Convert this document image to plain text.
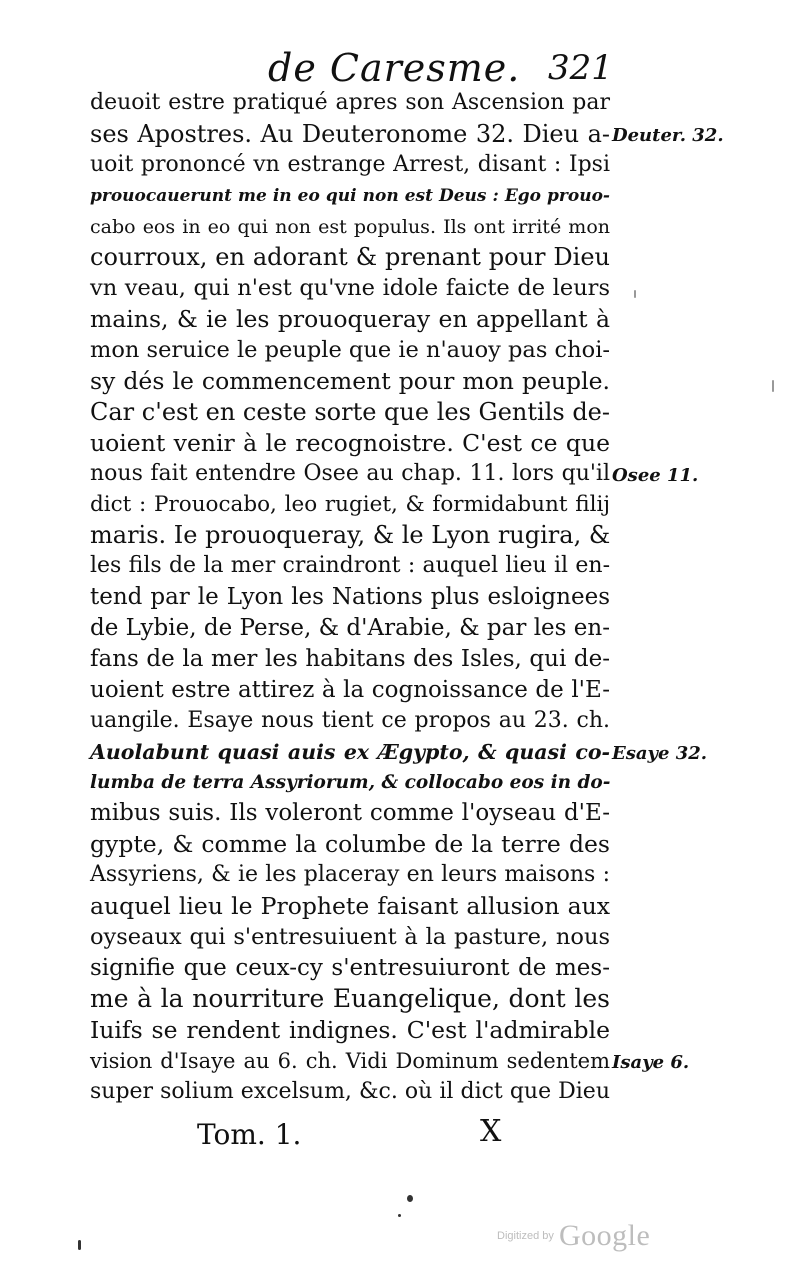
de Caresme. 321
deuoit estre pratiqué apres son Ascension par
ses Apostres. Au Deuteronome 32. Dieu a-
uoit prononcé vn estrange Arrest, disant : Ipsi
prouocauerunt me in eo qui non est Deus : Ego prouo-
cabo eos in eo qui non est populus. Ils ont irrité mon
courroux, en adorant & prenant pour Dieu
vn veau, qui n'est qu'vne idole faicte de leurs
mains, & ie les prouoqueray en appellant à
mon seruice le peuple que ie n'auoy pas choi-
sy dés le commencement pour mon peuple.
Car c'est en ceste sorte que les Gentils de-
uoient venir à le recognoistre. C'est ce que
nous fait entendre Osee au chap. 11. lors qu'il
dict : Prouocabo, leo rugiet, & formidabunt filij
maris. Ie prouoqueray, & le Lyon rugira, &
les fils de la mer craindront : auquel lieu il en-
tend par le Lyon les Nations plus esloignees
de Lybie, de Perse, & d'Arabie, & par les en-
fans de la mer les habitans des Isles, qui de-
uoient estre attirez à la cognoissance de l'E-
uangile. Esaye nous tient ce propos au 23. ch.
Auolabunt quasi auis ex Ægypto, & quasi co-
lumba de terra Assyriorum, & collocabo eos in do-
mibus suis. Ils voleront comme l'oyseau d'E-
gypte, & comme la columbe de la terre des
Assyriens, & ie les placeray en leurs maisons :
auquel lieu le Prophete faisant allusion aux
oyseaux qui s'entresuiuent à la pasture, nous
signifie que ceux-cy s'entresuiuront de mes-
me à la nourriture Euangelique, dont les
Iuifs se rendent indignes. C'est l'admirable
vision d'Isaye au 6. ch. Vidi Dominum sedentem
super solium excelsum, &c. où il dict que Dieu
Deuter. 32.
Osee 11.
Esaye 32.
Isaye 6.
Tom. 1.	X
Digitized by Google
